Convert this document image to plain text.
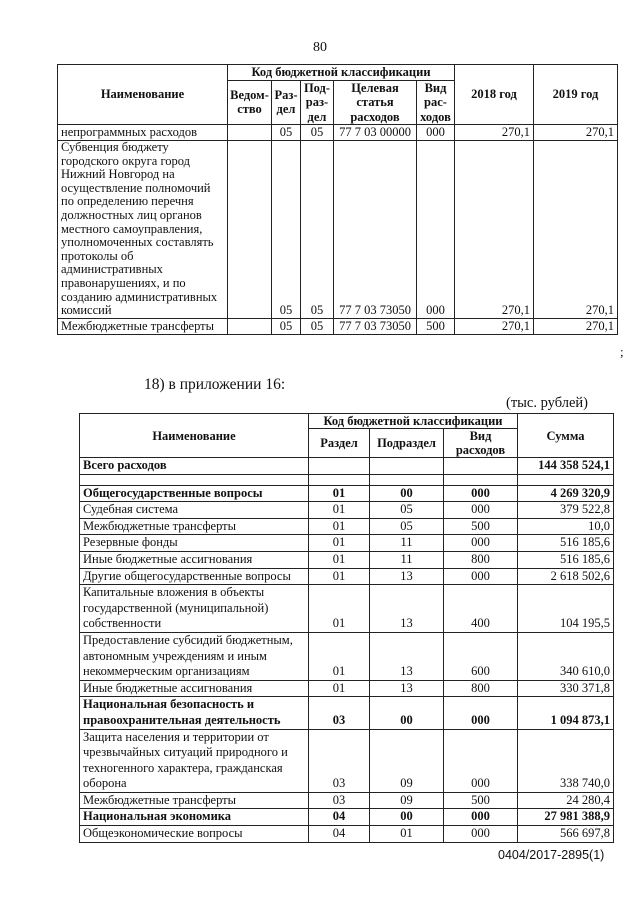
80
Наименование	Код бюджетной классификации					2018 год	2019 год
	Ведом-ство	Раз-дел	Под-раз-дел	Целевая статья расходов	Вид рас-ходов		
непрограммных расходов		05	05	77 7 03 00000	000	270,1	270,1
Субвенция бюджету городского округа город Нижний Новгород на осуществление полномочий по определению перечня должностных лиц органов местного самоуправления, уполномоченных составлять протоколы об административных правонарушениях, и по созданию административных комиссий		05	05	77 7 03 73050	000	270,1	270,1
Межбюджетные трансферты		05	05	77 7 03 73050	500	270,1	270,1
;
18) в приложении 16:
(тыс. рублей)
Наименование	Код бюджетной классификации			Сумма
	Раздел	Подраздел	Вид расходов	
Всего расходов				144 358 524,1

Общегосударственные вопросы	01	00	000	4 269 320,9
Судебная система	01	05	000	379 522,8
Межбюджетные трансферты	01	05	500	10,0
Резервные фонды	01	11	000	516 185,6
Иные бюджетные ассигнования	01	11	800	516 185,6
Другие общегосударственные вопросы	01	13	000	2 618 502,6
Капитальные вложения в объекты государственной (муниципальной) собственности	01	13	400	104 195,5
Предоставление субсидий бюджетным, автономным учреждениям и иным некоммерческим организациям	01	13	600	340 610,0
Иные бюджетные ассигнования	01	13	800	330 371,8
Национальная безопасность и правоохранительная деятельность	03	00	000	1 094 873,1
Защита населения и территории от чрезвычайных ситуаций природного и техногенного характера, гражданская оборона	03	09	000	338 740,0
Межбюджетные трансферты	03	09	500	24 280,4
Национальная экономика	04	00	000	27 981 388,9
Общеэкономические вопросы	04	01	000	566 697,8
0404/2017-2895(1)
